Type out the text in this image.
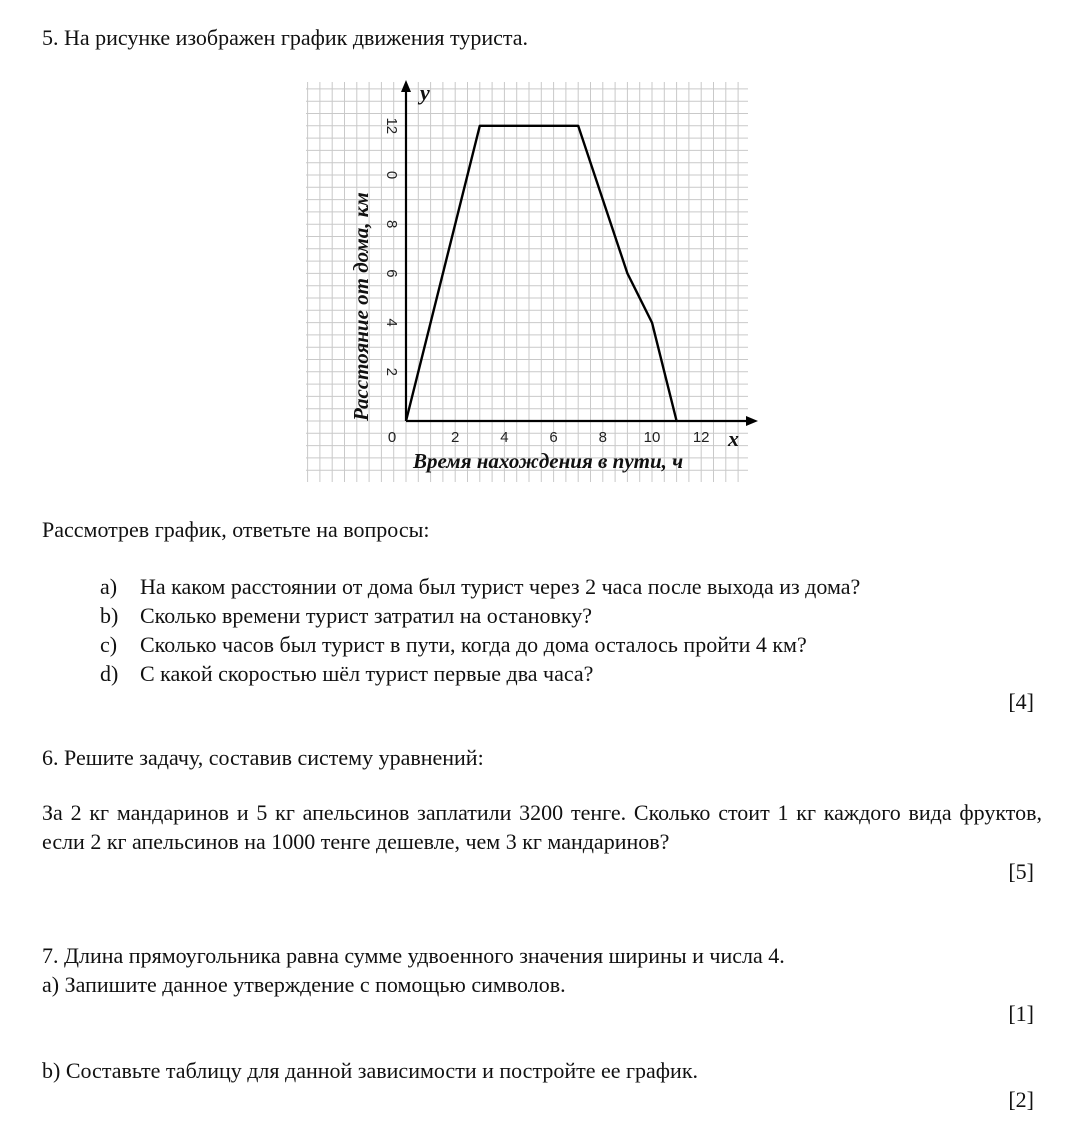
5. На рисунке изображен график движения туриста.
0	2	4	6	8 10 12
2
4
6
8
0
12
x
y
Время нахождения в пути, ч
Расстояние от дома, км
Рассмотрев график, ответьте на вопросы:
a)	На каком расстоянии от дома был турист через 2 часа после выхода из дома?
b) Сколько времени турист затратил на остановку?
c)	Сколько часов был турист в пути, когда до дома осталось пройти 4 км?
d) С какой скоростью шёл турист первые два часа?
[4]
6. Решите задачу, составив систему уравнений:
За 2 кг мандаринов и 5 кг апельсинов заплатили 3200 тенге. Сколько стоит 1 кг каждого вида фруктов, если 2 кг апельсинов на 1000 тенге дешевле, чем 3 кг мандаринов?
[5]
7. Длина прямоугольника равна сумме удвоенного значения ширины и числа 4.
а) Запишите данное утверждение с помощью символов.
[1]
b) Составьте таблицу для данной зависимости и постройте ее график.
[2]
